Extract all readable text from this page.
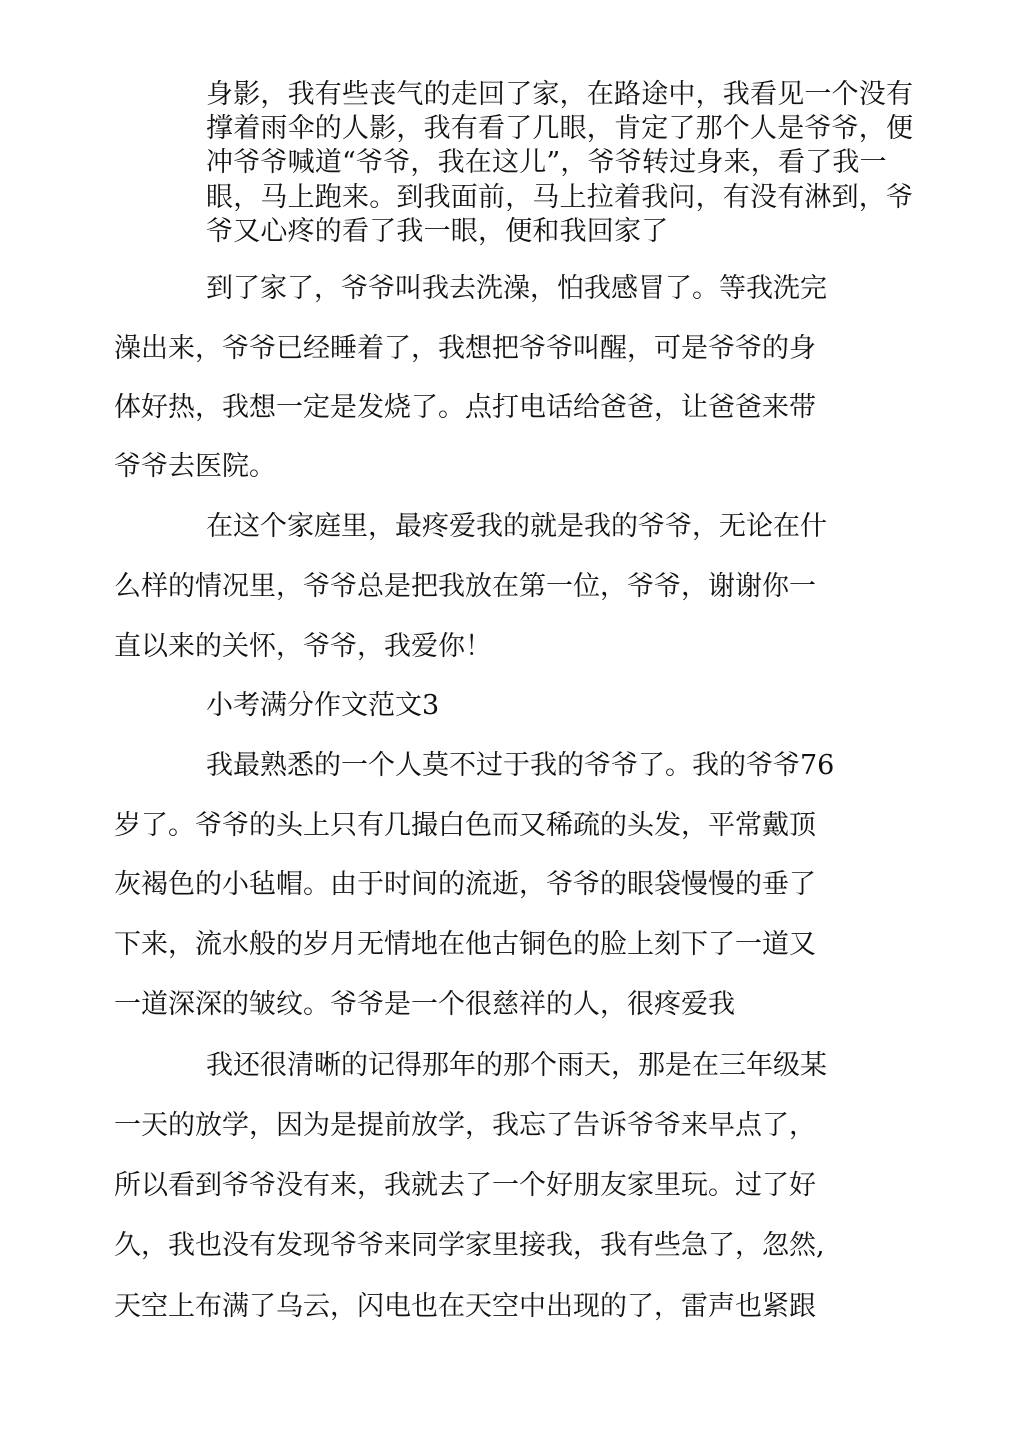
身影，我有些丧气的走回了家，在路途中，我看见一个没有
撑着雨伞的人影，我有看了几眼，肯定了那个人是爷爷，便
冲爷爷喊道“爷爷，我在这儿”，爷爷转过身来，看了我一
眼，马上跑来。到我面前，马上拉着我问，有没有淋到，爷
爷又心疼的看了我一眼，便和我回家了
到了家了，爷爷叫我去洗澡，怕我感冒了。等我洗完
澡出来，爷爷已经睡着了，我想把爷爷叫醒，可是爷爷的身
体好热，我想一定是发烧了。点打电话给爸爸，让爸爸来带
爷爷去医院。
在这个家庭里，最疼爱我的就是我的爷爷，无论在什
么样的情况里，爷爷总是把我放在第一位，爷爷，谢谢你一
直以来的关怀，爷爷，我爱你！
小考满分作文范文3
我最熟悉的一个人莫不过于我的爷爷了。我的爷爷76
岁了。爷爷的头上只有几撮白色而又稀疏的头发，平常戴顶
灰褐色的小毡帽。由于时间的流逝，爷爷的眼袋慢慢的垂了
下来，流水般的岁月无情地在他古铜色的脸上刻下了一道又
一道深深的皱纹。爷爷是一个很慈祥的人，很疼爱我
我还很清晰的记得那年的那个雨天，那是在三年级某
一天的放学，因为是提前放学，我忘了告诉爷爷来早点了，
所以看到爷爷没有来，我就去了一个好朋友家里玩。过了好
久，我也没有发现爷爷来同学家里接我，我有些急了，忽然,
天空上布满了乌云，闪电也在天空中出现的了，雷声也紧跟
